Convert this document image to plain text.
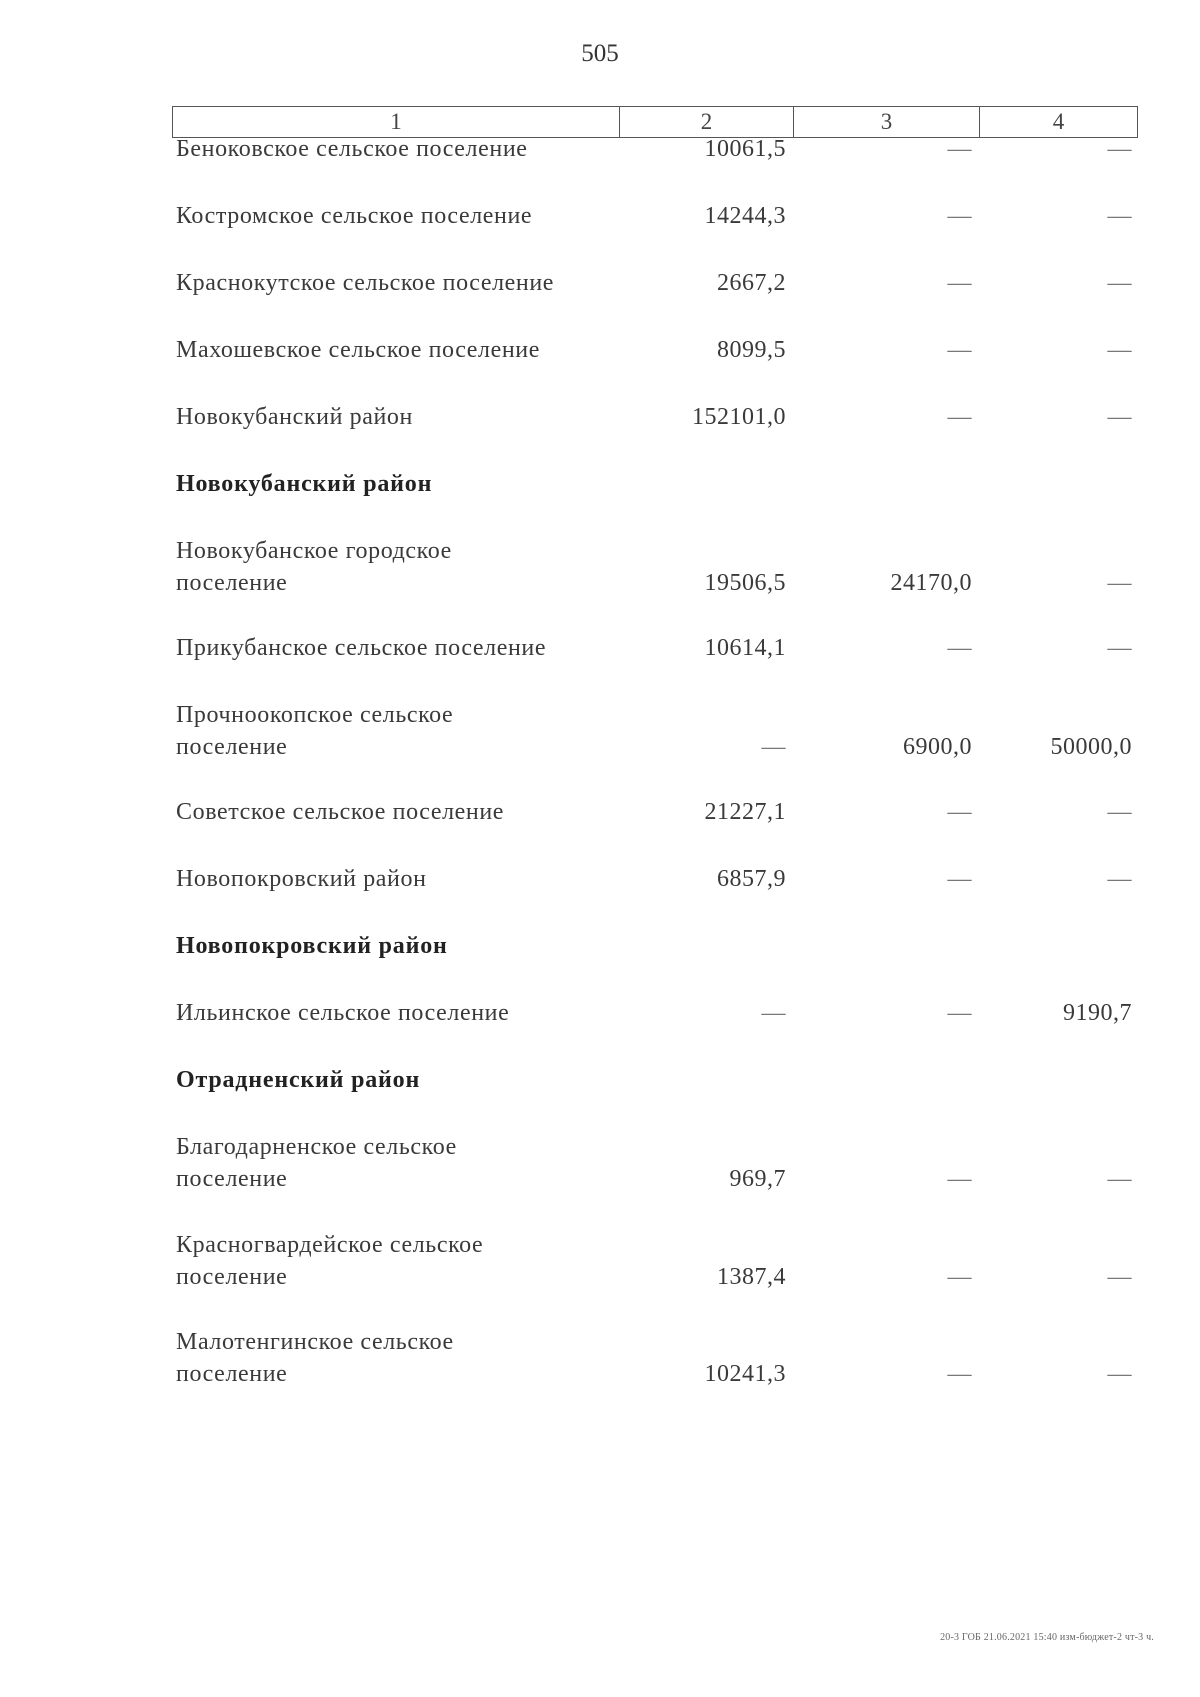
505
1	2	3	4
Беноковское сельское поселение	10061,5	—	—
Костромское сельское поселение	14244,3	—	—
Краснокутское сельское поселение	2667,2	—	—
Махошевское сельское поселение	8099,5	—	—
Новокубанский район	152101,0	—	—
Новокубанский район
Новокубанское городское
поселение	19506,5	24170,0	—
Прикубанское сельское поселение	10614,1	—	—
Прочноокопское сельское
поселение	—	6900,0	50000,0
Советское сельское поселение	21227,1	—	—
Новопокровский район	6857,9	—	—
Новопокровский район
Ильинское сельское поселение	—	—	9190,7
Отрадненский район
Благодарненское сельское
поселение	969,7	—	—
Красногвардейское сельское
поселение	1387,4	—	—
Малотенгинское сельское
поселение	10241,3	—	—
20-3 ГОБ 21.06.2021 15:40 изм-бюджет-2 чт-3 ч.
